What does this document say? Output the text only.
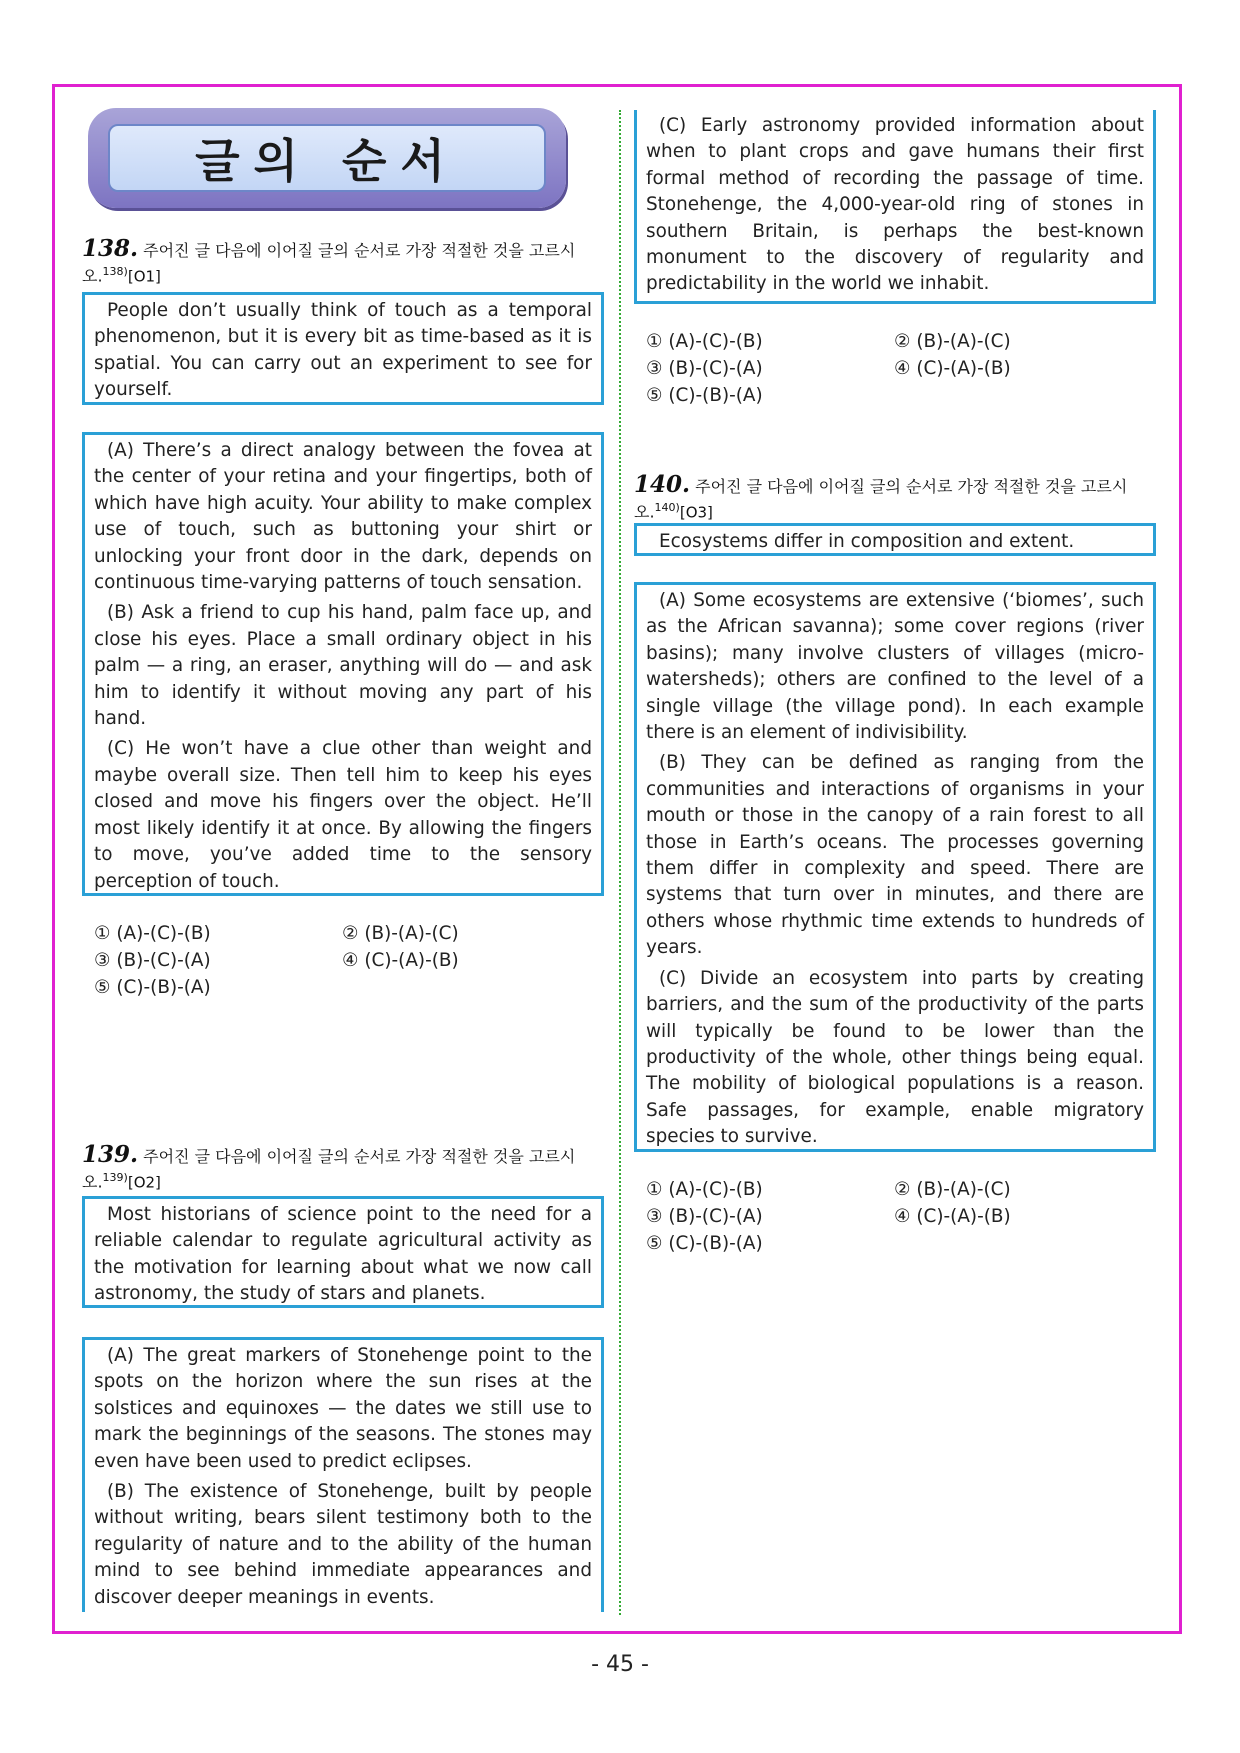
글의 순서
138. 주어진 글 다음에 이어질 글의 순서로 가장 적절한 것을 고르시오.$^{138)}$[O1]

People don’t usually think of touch as a temporal phenomenon, but it is every bit as time-based as it is spatial. You can carry out an experiment to see for yourself.

(A) There’s a direct analogy between the fovea at the center of your retina and your fingertips, both of which have high acuity. Your ability to make complex use of touch, such as buttoning your shirt or unlocking your front door in the dark, depends on continuous time-varying patterns of touch sensation.

(B) Ask a friend to cup his hand, palm face up, and close his eyes. Place a small ordinary object in his palm — a ring, an eraser, anything will do — and ask him to identify it without moving any part of his hand.

(C) He won’t have a clue other than weight and maybe overall size. Then tell him to keep his eyes closed and move his fingers over the object. He’ll most likely identify it at once. By allowing the fingers to move, you’ve added time to the sensory perception of touch.

① (A)-(C)-(B)	② (B)-(A)-(C)
③ (B)-(C)-(A)	④ (C)-(A)-(B)
⑤ (C)-(B)-(A)
139. 주어진 글 다음에 이어질 글의 순서로 가장 적절한 것을 고르시오.$^{139)}$[O2]

Most historians of science point to the need for a reliable calendar to regulate agricultural activity as the motivation for learning about what we now call astronomy, the study of stars and planets.

(A) The great markers of Stonehenge point to the spots on the horizon where the sun rises at the solstices and equinoxes — the dates we still use to mark the beginnings of the seasons. The stones may even have been used to predict eclipses.

(B) The existence of Stonehenge, built by people without writing, bears silent testimony both to the regularity of nature and to the ability of the human mind to see behind immediate appearances and discover deeper meanings in events.

(C) Early astronomy provided information about when to plant crops and gave humans their first formal method of recording the passage of time. Stonehenge, the 4,000-year-old ring of stones in southern Britain, is perhaps the best-known monument to the discovery of regularity and predictability in the world we inhabit.

① (A)-(C)-(B)	② (B)-(A)-(C)
③ (B)-(C)-(A)	④ (C)-(A)-(B)
⑤ (C)-(B)-(A)
140. 주어진 글 다음에 이어질 글의 순서로 가장 적절한 것을 고르시오.$^{140)}$[O3]

Ecosystems differ in composition and extent.

(A) Some ecosystems are extensive (‘biomes’, such as the African savanna); some cover regions (river basins); many involve clusters of villages (micro-watersheds); others are confined to the level of a single village (the village pond). In each example there is an element of indivisibility.

(B) They can be defined as ranging from the communities and interactions of organisms in your mouth or those in the canopy of a rain forest to all those in Earth’s oceans. The processes governing them differ in complexity and speed. There are systems that turn over in minutes, and there are others whose rhythmic time extends to hundreds of years.

(C) Divide an ecosystem into parts by creating barriers, and the sum of the productivity of the parts will typically be found to be lower than the productivity of the whole, other things being equal. The mobility of biological populations is a reason. Safe passages, for example, enable migratory species to survive.

① (A)-(C)-(B)	② (B)-(A)-(C)
③ (B)-(C)-(A)	④ (C)-(A)-(B)
⑤ (C)-(B)-(A)
- 45 -
